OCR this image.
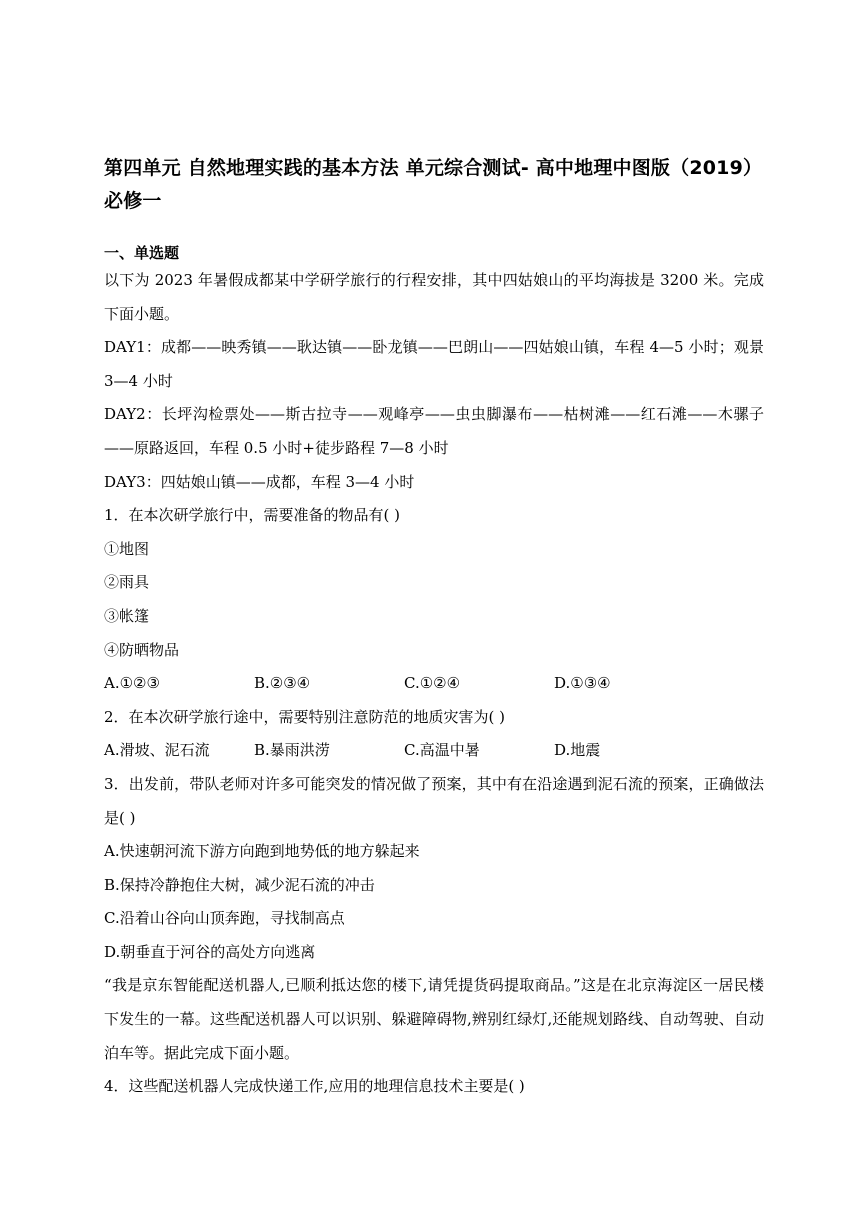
第四单元 自然地理实践的基本方法 单元综合测试- 高中地理中图版（2019）必修一
一、单选题

以下为 2023 年暑假成都某中学研学旅行的行程安排，其中四姑娘山的平均海拔是 3200 米。完成下面小题。

DAY1：成都——映秀镇——耿达镇——卧龙镇——巴朗山——四姑娘山镇，车程 4—5 小时；观景 3—4 小时

DAY2：长坪沟检票处——斯古拉寺——观峰亭——虫虫脚瀑布——枯树滩——红石滩——木骡子——原路返回，车程 0.5 小时+徒步路程 7—8 小时

DAY3：四姑娘山镇——成都，车程 3—4 小时

1．在本次研学旅行中，需要准备的物品有( )

①地图

②雨具

③帐篷

④防晒物品

A.①②③	B.②③④	C.①②④	D.①③④

2．在本次研学旅行途中，需要特别注意防范的地质灾害为( )

A.滑坡、泥石流	B.暴雨洪涝	C.高温中暑	D.地震

3．出发前，带队老师对许多可能突发的情况做了预案，其中有在沿途遇到泥石流的预案，正确做法是( )

A.快速朝河流下游方向跑到地势低的地方躲起来

B.保持冷静抱住大树，减少泥石流的冲击

C.沿着山谷向山顶奔跑，寻找制高点

D.朝垂直于河谷的高处方向逃离

“我是京东智能配送机器人,已顺利抵达您的楼下,请凭提货码提取商品。”这是在北京海淀区一居民楼下发生的一幕。这些配送机器人可以识别、躲避障碍物,辨别红绿灯,还能规划路线、自动驾驶、自动泊车等。据此完成下面小题。

4．这些配送机器人完成快递工作,应用的地理信息技术主要是( )
